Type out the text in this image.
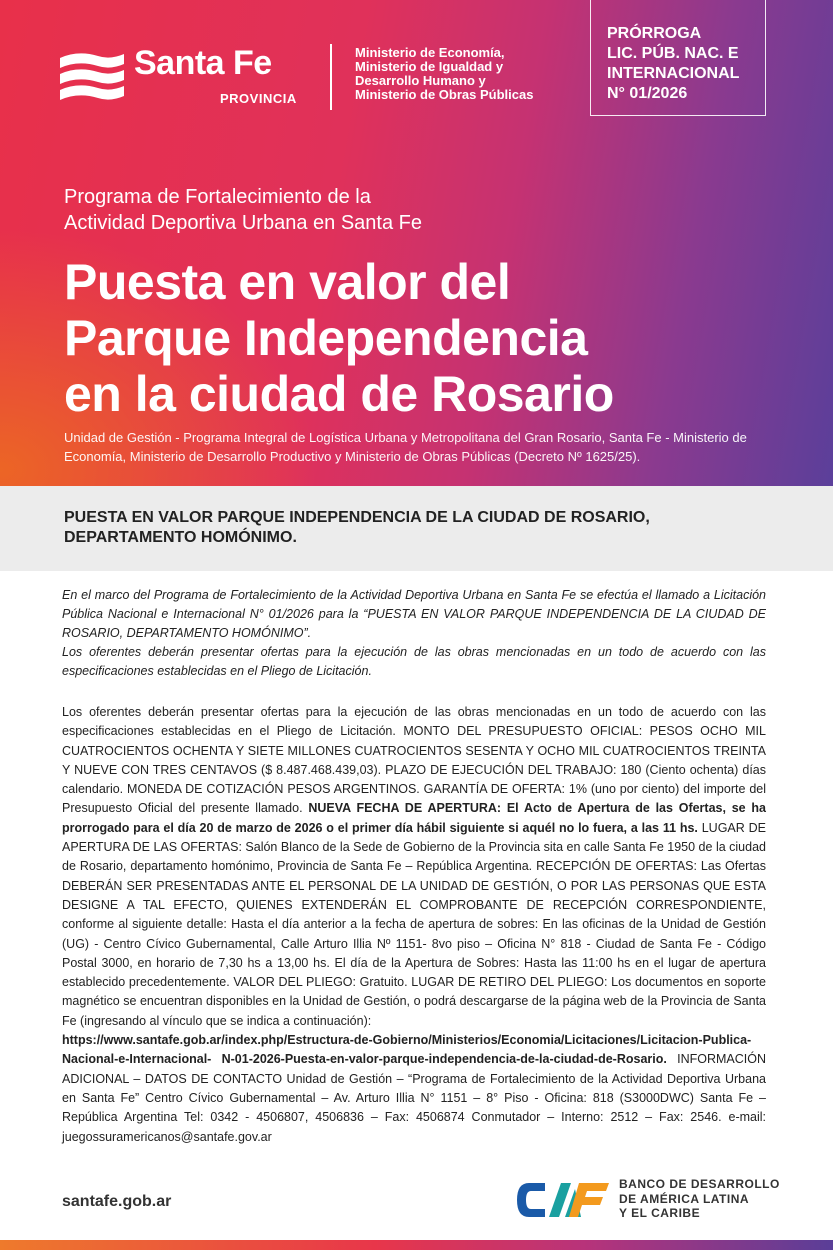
Santa Fe
PROVINCIA
Ministerio de Economía,
Ministerio de Igualdad y
Desarrollo Humano y
Ministerio de Obras Públicas
PRÓRROGA
LIC. PÚB. NAC. E
INTERNACIONAL
N° 01/2026
Programa de Fortalecimiento de la
Actividad Deportiva Urbana en Santa Fe
Puesta en valor del
Parque Independencia
en la ciudad de Rosario
Unidad de Gestión - Programa Integral de Logística Urbana y Metropolitana del Gran Rosario, Santa Fe - Ministerio de Economía, Ministerio de Desarrollo Productivo y Ministerio de Obras Públicas (Decreto Nº 1625/25).
PUESTA EN VALOR PARQUE INDEPENDENCIA DE LA CIUDAD DE ROSARIO,
DEPARTAMENTO HOMÓNIMO.

En el marco del Programa de Fortalecimiento de la Actividad Deportiva Urbana en Santa Fe se efectúa el llamado a Licitación Pública Nacional e Internacional N° 01/2026 para la “PUESTA EN VALOR PARQUE INDEPENDENCIA DE LA CIUDAD DE ROSARIO, DEPARTAMENTO HOMÓNIMO”.

Los oferentes deberán presentar ofertas para la ejecución de las obras mencionadas en un todo de acuerdo con las especificaciones establecidas en el Pliego de Licitación.

Los oferentes deberán presentar ofertas para la ejecución de las obras mencionadas en un todo de acuerdo con las especificaciones establecidas en el Pliego de Licitación. MONTO DEL PRESUPUESTO OFICIAL: PESOS OCHO MIL CUATROCIENTOS OCHENTA Y SIETE MILLONES CUATROCIENTOS SESENTA Y OCHO MIL CUATROCIENTOS TREINTA Y NUEVE CON TRES CENTAVOS ($ 8.487.468.439,03). PLAZO DE EJECUCIÓN DEL TRABAJO: 180 (Ciento ochenta) días calendario. MONEDA DE COTIZACIÓN PESOS ARGENTINOS. GARANTÍA DE OFERTA: 1% (uno por ciento) del importe del Presupuesto Oficial del presente llamado. NUEVA FECHA DE APERTURA: El Acto de Apertura de las Ofertas, se ha prorrogado para el día 20 de marzo de 2026 o el primer día hábil siguiente si aquél no lo fuera, a las 11 hs. LUGAR DE APERTURA DE LAS OFERTAS: Salón Blanco de la Sede de Gobierno de la Provincia sita en calle Santa Fe 1950 de la ciudad de Rosario, departamento homónimo, Provincia de Santa Fe – República Argentina. RECEPCIÓN DE OFERTAS: Las Ofertas DEBERÁN SER PRESENTADAS ANTE EL PERSONAL DE LA UNIDAD DE GESTIÓN, O POR LAS PERSONAS QUE ESTA DESIGNE A TAL EFECTO, QUIENES EXTENDERÁN EL COMPROBANTE DE RECEPCIÓN CORRESPONDIENTE, conforme al siguiente detalle: Hasta el día anterior a la fecha de apertura de sobres: En las oficinas de la Unidad de Gestión (UG) - Centro Cívico Gubernamental, Calle Arturo Illia Nº 1151- 8vo piso – Oficina N° 818 - Ciudad de Santa Fe - Código Postal 3000, en horario de 7,30 hs a 13,00 hs. El día de la Apertura de Sobres: Hasta las 11:00 hs en el lugar de apertura establecido precedentemente. VALOR DEL PLIEGO: Gratuito. LUGAR DE RETIRO DEL PLIEGO: Los documentos en soporte magnético se encuentran disponibles en la Unidad de Gestión, o podrá descargarse de la página web de la Provincia de Santa Fe (ingresando al vínculo que se indica a continuación):
https://www.santafe.gob.ar/index.php/Estructura-de-Gobierno/Ministerios/Economia/Licitaciones/Licitacion-Publica-Nacional-e-Internacional- N-01-2026-Puesta-en-valor-parque-independencia-de-la-ciudad-de-Rosario. INFORMACIÓN ADICIONAL – DATOS DE CONTACTO Unidad de Gestión – “Programa de Fortalecimiento de la Actividad Deportiva Urbana en Santa Fe” Centro Cívico Gubernamental – Av. Arturo Illia N° 1151 – 8° Piso - Oficina: 818 (S3000DWC) Santa Fe – República Argentina Tel: 0342 - 4506807, 4506836 – Fax: 4506874 Conmutador – Interno: 2512 – Fax: 2546. e-mail: juegossuramericanos@santafe.gov.ar
santafe.gob.ar
BANCO DE DESARROLLO
DE AMÉRICA LATINA
Y EL CARIBE
